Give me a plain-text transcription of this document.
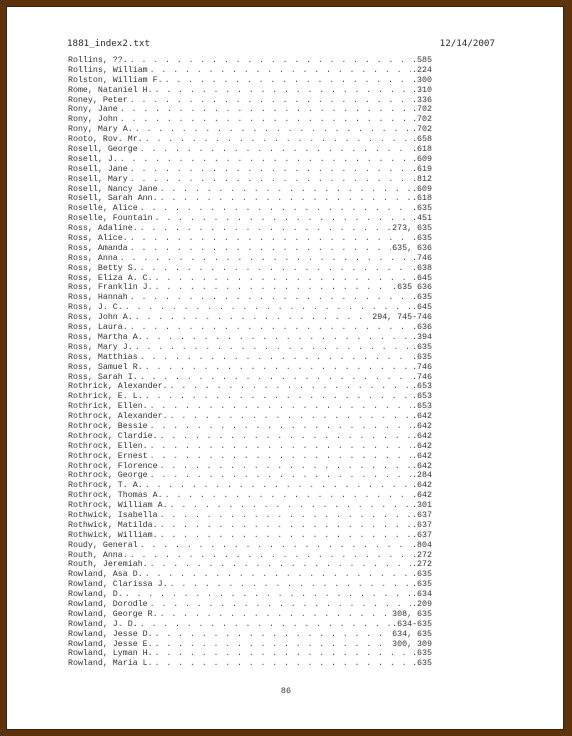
1881_index2.txt	12/14/2007
Rollins, ??. . . .	.585
Rollins, William . . .	.224
Rolston, William F. . . .	.300
Rome, Nataniel H. . . .	.310
Roney, Peter . . .	.336
Rony, Jane . . .	.702
Rony, John . . .	.702
Rony, Mary A. . . .	.702
Rooto, Rov. Mr. . . .	.658
Rosell, George . . .	.618
Rosell, J. . . .	.609
Rosell, Jane . . .	.619
Rosell, Mary . . .	.812
Rosell, Nancy Jane . . .	.609
Rosell, Sarah Ann. . . .	.618
Roselle, Alice . . .	.635
Roselle, Fountain . . .	.451
Ross, Adaline. . . .	273, 635
Ross, Alice. . . .	.635
Ross, Amanda . . .	635, 636
Ross, Anna . . .	.746
Ross, Betty S. . . .	.638
Ross, Eliza A. C. . . .	.645
Ross, Franklin J. . . .	.635 636
Ross, Hannah . . .	.635
Ross, J. C. . . .	.645
Ross, John A. . . .	294, 745-746
Ross, Laura. . . .	.636
Ross, Martha A. . . .	.394
Ross, Mary J. . . .	.635
Ross, Matthias . . .	.635
Ross, Samuel R. . . .	.746
Ross, Sarah I. . . .	.746
Rothrick, Alexander. . . .	.653
Rothrick, E. L. . . .	.653
Rothrick, Ellen. . . .	.653
Rothrock, Alexander. . . .	.642
Rothrock, Bessie . . .	.642
Rothrock, Clardie. . . .	.642
Rothrock, Ellen. . . .	.642
Rothrock, Ernest . . .	.642
Rothrock, Florence . . .	.642
Rothrock, George . . .	.284
Rothrock, T. A. . . .	.642
Rothrock, Thomas A. . . .	.642
Rothrock, William A. . . .	.301
Rothwick, Isabella . . .	.637
Rothwick, Matilda. . . .	.637
Rothwick, William. . . .	.637
Roudy, General . . .	.804
Routh, Anna. . . .	.272
Routh, Jeremiah. . . .	.272
Rowland, Asa D. . . .	.635
Rowland, Clarissa J. . . .	.635
Rowland, D. . . .	.634
Rowland, Dorodle . . .	.209
Rowland, George R. . . .	308, 635
Rowland, J. D. . . .	.634-635
Rowland, Jesse D. . . .	634, 635
Rowland, Jesse E. . . .	300, 309
Rowland, Lyman H. . . .	.635
Rowland, Maria L. . . .	.635
86
